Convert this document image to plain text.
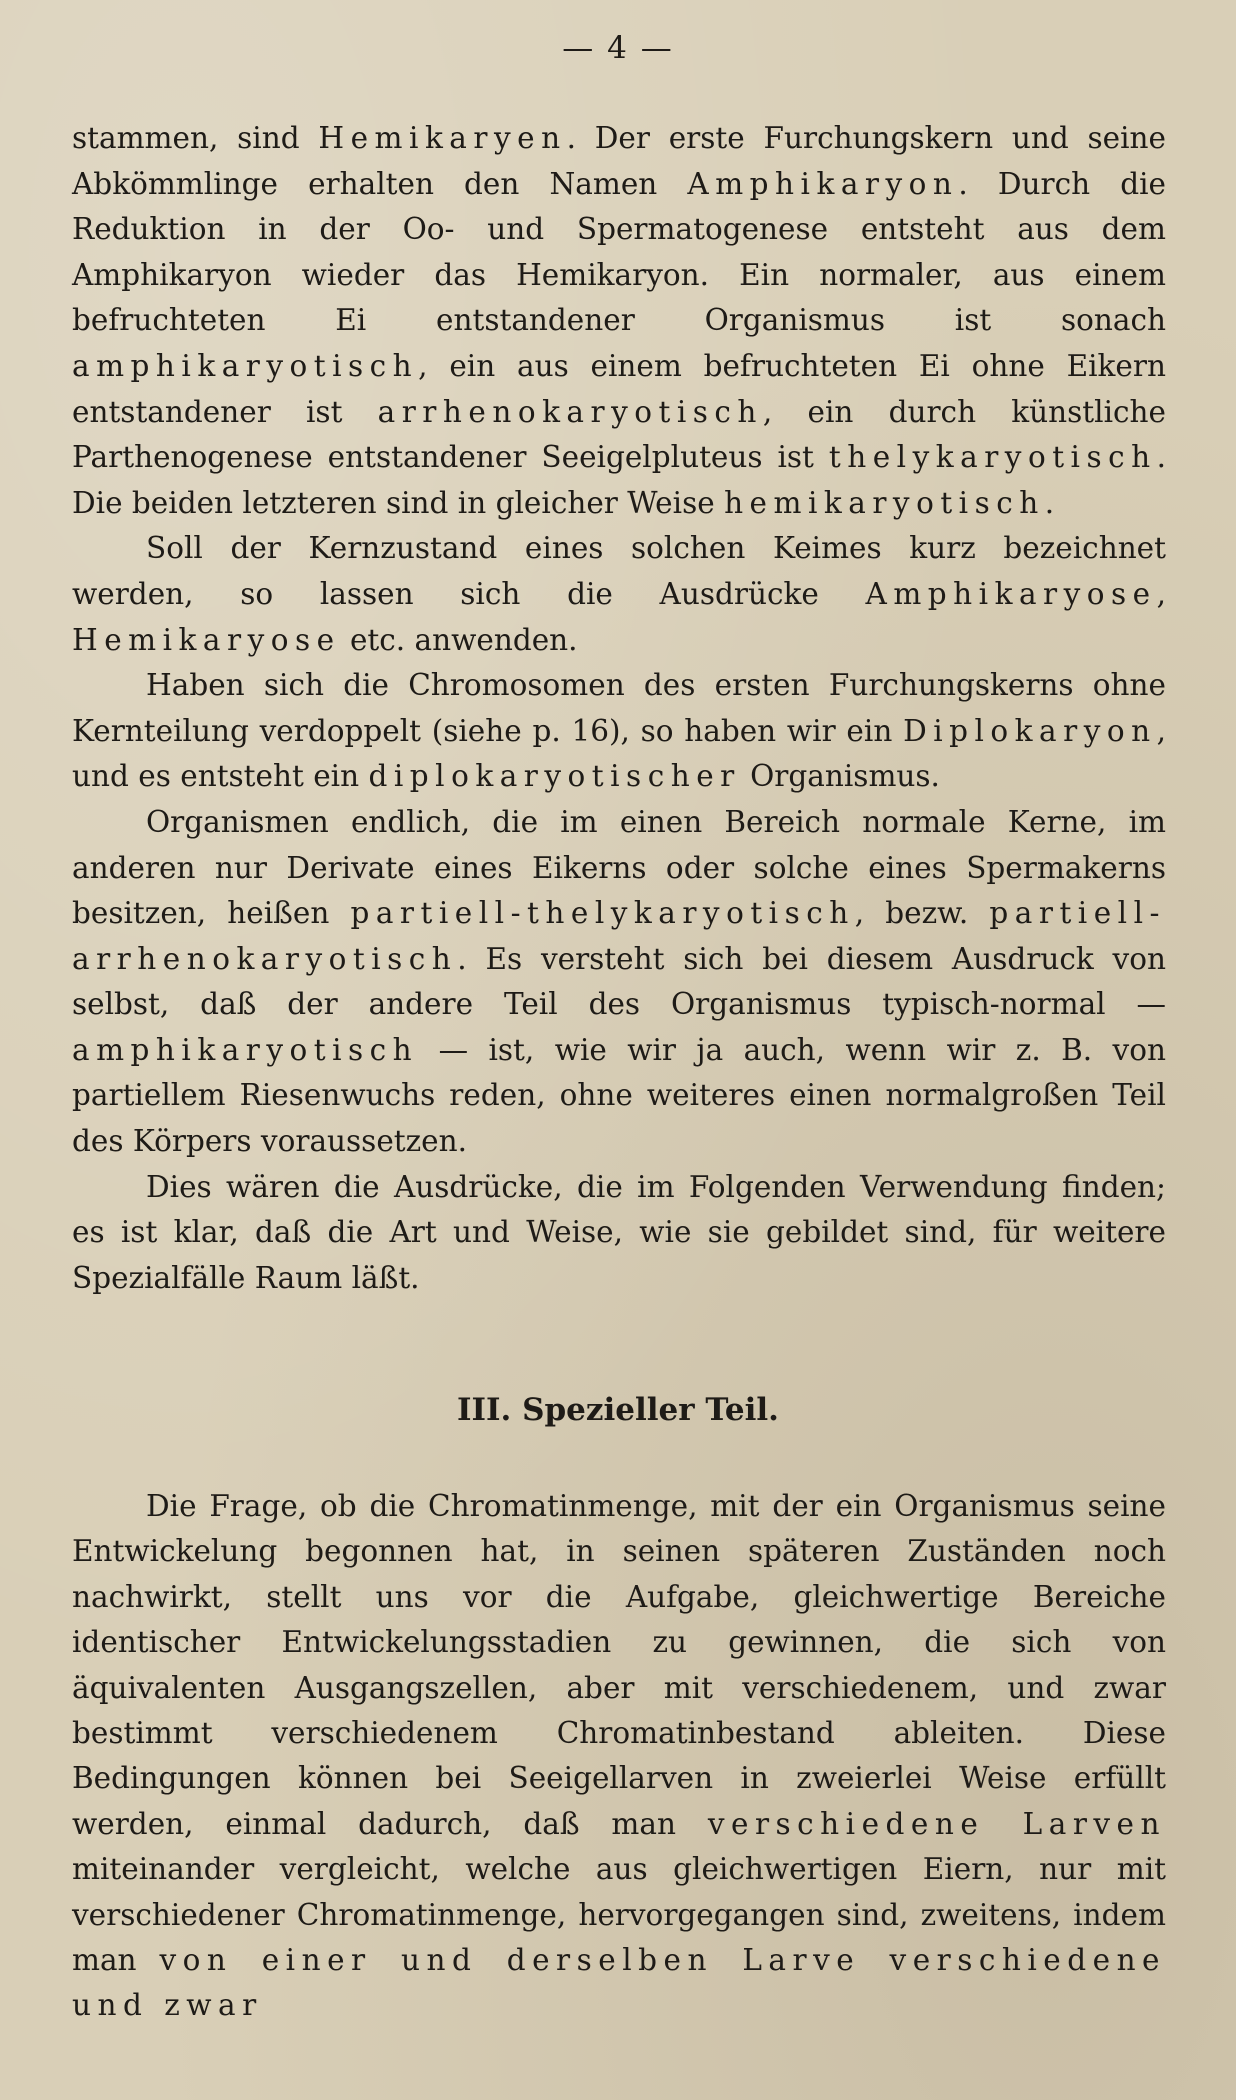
— 4 —

stammen, sind Hemikaryen. Der erste Furchungskern und seine Abkömmlinge erhalten den Namen Amphikaryon. Durch die Reduktion in der Oo- und Spermatogenese entsteht aus dem Amphikaryon wieder das Hemikaryon. Ein normaler, aus einem befruchteten Ei entstandener Organismus ist sonach amphikaryotisch, ein aus einem befruchteten Ei ohne Eikern entstandener ist arrhenokaryotisch, ein durch künstliche Parthenogenese entstandener Seeigelpluteus ist thelykaryotisch. Die beiden letzteren sind in gleicher Weise hemikaryotisch.

Soll der Kernzustand eines solchen Keimes kurz bezeichnet werden, so lassen sich die Ausdrücke Amphikaryose, Hemikaryose etc. anwenden.

Haben sich die Chromosomen des ersten Furchungskerns ohne Kernteilung verdoppelt (siehe p. 16), so haben wir ein Diplokaryon, und es entsteht ein diplokaryotischer Organismus.

Organismen endlich, die im einen Bereich normale Kerne, im anderen nur Derivate eines Eikerns oder solche eines Spermakerns besitzen, heißen partiell-thelykaryotisch, bezw. partiell-arrhenokaryotisch. Es versteht sich bei diesem Ausdruck von selbst, daß der andere Teil des Organismus typisch-normal — amphikaryotisch — ist, wie wir ja auch, wenn wir z. B. von partiellem Riesenwuchs reden, ohne weiteres einen normalgroßen Teil des Körpers voraussetzen.

Dies wären die Ausdrücke, die im Folgenden Verwendung finden; es ist klar, daß die Art und Weise, wie sie gebildet sind, für weitere Spezialfälle Raum läßt.

III. Spezieller Teil.

Die Frage, ob die Chromatinmenge, mit der ein Organismus seine Entwickelung begonnen hat, in seinen späteren Zuständen noch nachwirkt, stellt uns vor die Aufgabe, gleichwertige Bereiche identischer Entwickelungsstadien zu gewinnen, die sich von äquivalenten Ausgangszellen, aber mit verschiedenem, und zwar bestimmt verschiedenem Chromatinbestand ableiten. Diese Bedingungen können bei Seeigellarven in zweierlei Weise erfüllt werden, einmal dadurch, daß man verschiedene Larven miteinander vergleicht, welche aus gleichwertigen Eiern, nur mit verschiedener Chromatinmenge, hervorgegangen sind, zweitens, indem man von einer und derselben Larve verschiedene und zwar
